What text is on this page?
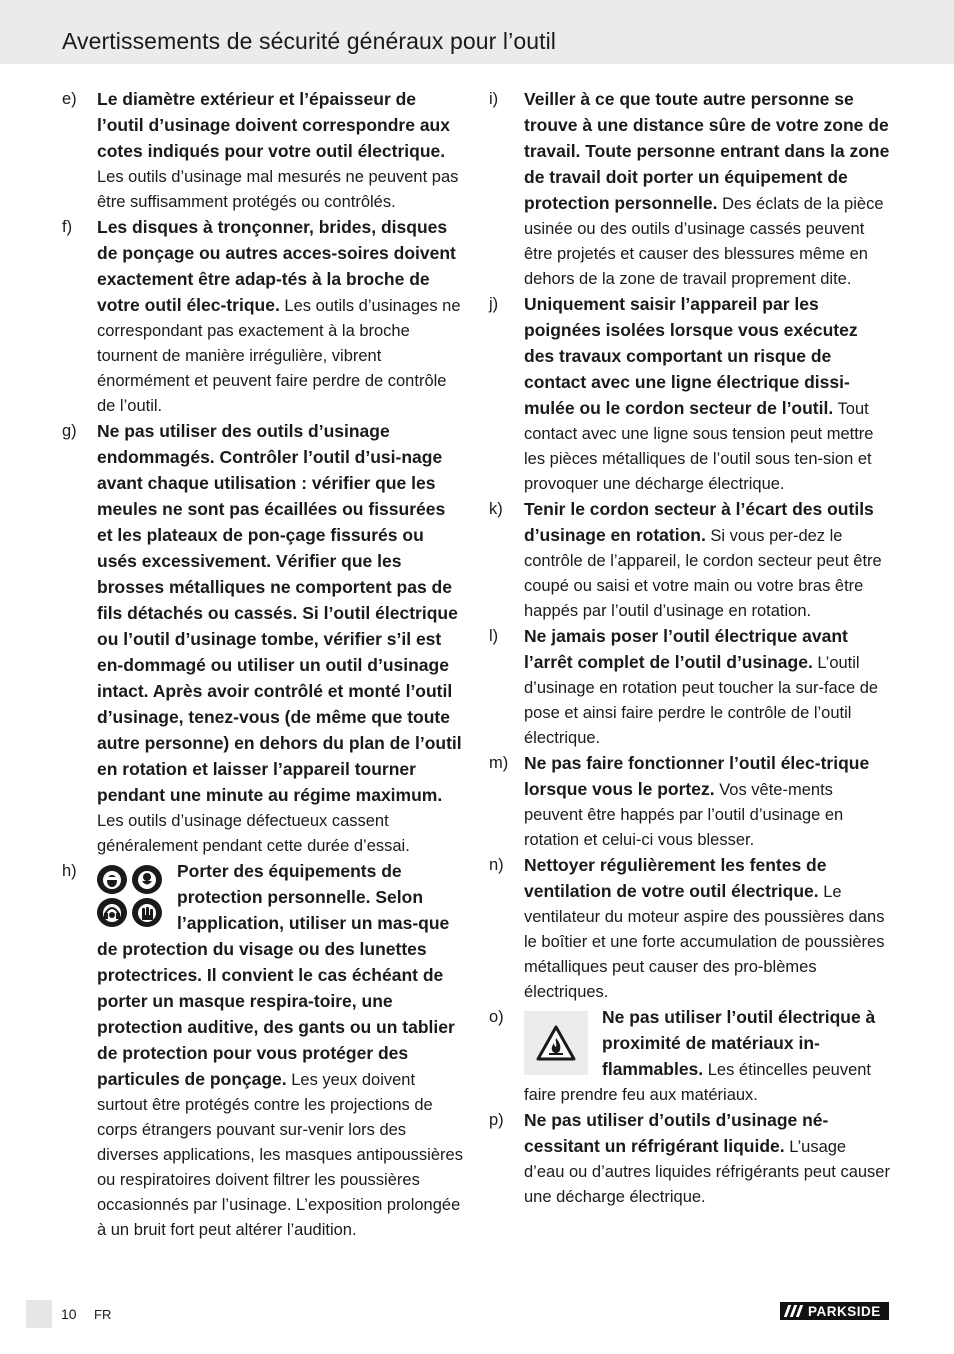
Avertissements de sécurité généraux pour l’outil
e)	Le diamètre extérieur et l’épaisseur de l’outil d’usinage doivent correspondre aux cotes indiqués pour votre outil électrique. Les outils d’usinage mal mesurés ne peuvent pas être suffisamment protégés ou contrôlés.
f)	Les disques à tronçonner, brides, disques de ponçage ou autres acces-soires doivent exactement être adap-tés à la broche de votre outil élec-trique. Les outils d’usinages ne correspondant pas exactement à la broche tournent de manière irrégulière, vibrent énormément et peuvent faire perdre de contrôle de l’outil.
g)	Ne pas utiliser des outils d’usinage endommagés. Contrôler l’outil d’usi-nage avant chaque utilisation : vérifier que les meules ne sont pas écaillées ou fissurées et les plateaux de pon-çage fissurés ou usés excessivement. Vérifier que les brosses métalliques ne comportent pas de fils détachés ou cassés. Si l’outil électrique ou l’outil d’usinage tombe, vérifier s’il est en-dommagé ou utiliser un outil d’usinage intact. Après avoir contrôlé et monté l’outil d’usinage, tenez-vous (de même que toute autre personne) en dehors du plan de l’outil en rotation et laisser l’appareil tourner pendant une minute au régime maximum. Les outils d’usinage défectueux cassent généralement pendant cette durée d’essai.
h)	Porter des équipements de protection personnelle. Selon l’application, utiliser un mas-que de protection du visage ou des lunettes protectrices. Il convient le cas échéant de porter un masque respira-toire, une protection auditive, des gants ou un tablier de protection pour vous protéger des particules de ponçage. Les yeux doivent surtout être protégés contre les projections de corps étrangers pouvant sur-venir lors des diverses applications, les masques antipoussières ou respiratoires doivent filtrer les poussières occasionnés par l’usinage. L’exposition prolongée à un bruit fort peut altérer l’audition.
i)	Veiller à ce que toute autre personne se trouve à une distance sûre de votre zone de travail. Toute personne entrant dans la zone de travail doit porter un équipement de protection personnelle. Des éclats de la pièce usinée ou des outils d’usinage cassés peuvent être projetés et causer des blessures même en dehors de la zone de travail proprement dite.
j)	Uniquement saisir l’appareil par les poignées isolées lorsque vous exécutez des travaux comportant un risque de contact avec une ligne électrique dissi-mulée ou le cordon secteur de l’outil. Tout contact avec une ligne sous tension peut mettre les pièces métalliques de l’outil sous ten-sion et provoquer une décharge électrique.
k)	Tenir le cordon secteur à l’écart des outils d’usinage en rotation. Si vous per-dez le contrôle de l’appareil, le cordon secteur peut être coupé ou saisi et votre main ou votre bras être happés par l’outil d’usinage en rotation.
l)	Ne jamais poser l’outil électrique avant l’arrêt complet de l’outil d’usinage. L’outil d’usinage en rotation peut toucher la sur-face de pose et ainsi faire perdre le contrôle de l’outil électrique.
m) Ne pas faire fonctionner l’outil élec-trique lorsque vous le portez. Vos vête-ments peuvent être happés par l’outil d’usinage en rotation et celui-ci vous blesser.
n)	Nettoyer régulièrement les fentes de ventilation de votre outil électrique. Le ventilateur du moteur aspire des poussières dans le boîtier et une forte accumulation de poussières métalliques peut causer des pro-blèmes électriques.
o)	Ne pas utiliser l’outil électrique à proximité de matériaux in-flammables. Les étincelles peuvent faire prendre feu aux matériaux.
p)	Ne pas utiliser d’outils d’usinage né-cessitant un réfrigérant liquide. L’usage d’eau ou d’autres liquides réfrigérants peut causer une décharge électrique.
10 FR	PARKSIDE
